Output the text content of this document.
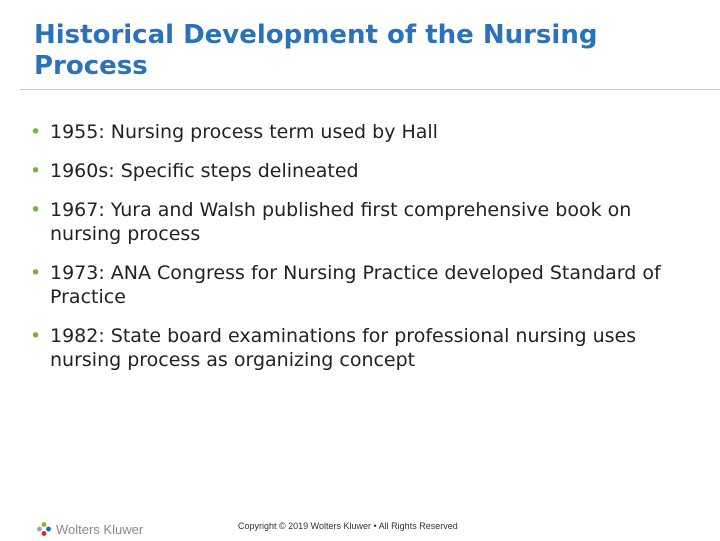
Historical Development of the Nursing Process
• 1955: Nursing process term used by Hall
• 1960s: Specific steps delineated
• 1967: Yura and Walsh published first comprehensive book on nursing process
• 1973: ANA Congress for Nursing Practice developed Standard of Practice
• 1982: State board examinations for professional nursing uses nursing process as organizing concept
Wolters Kluwer	Copyright © 2019 Wolters Kluwer • All Rights Reserved
